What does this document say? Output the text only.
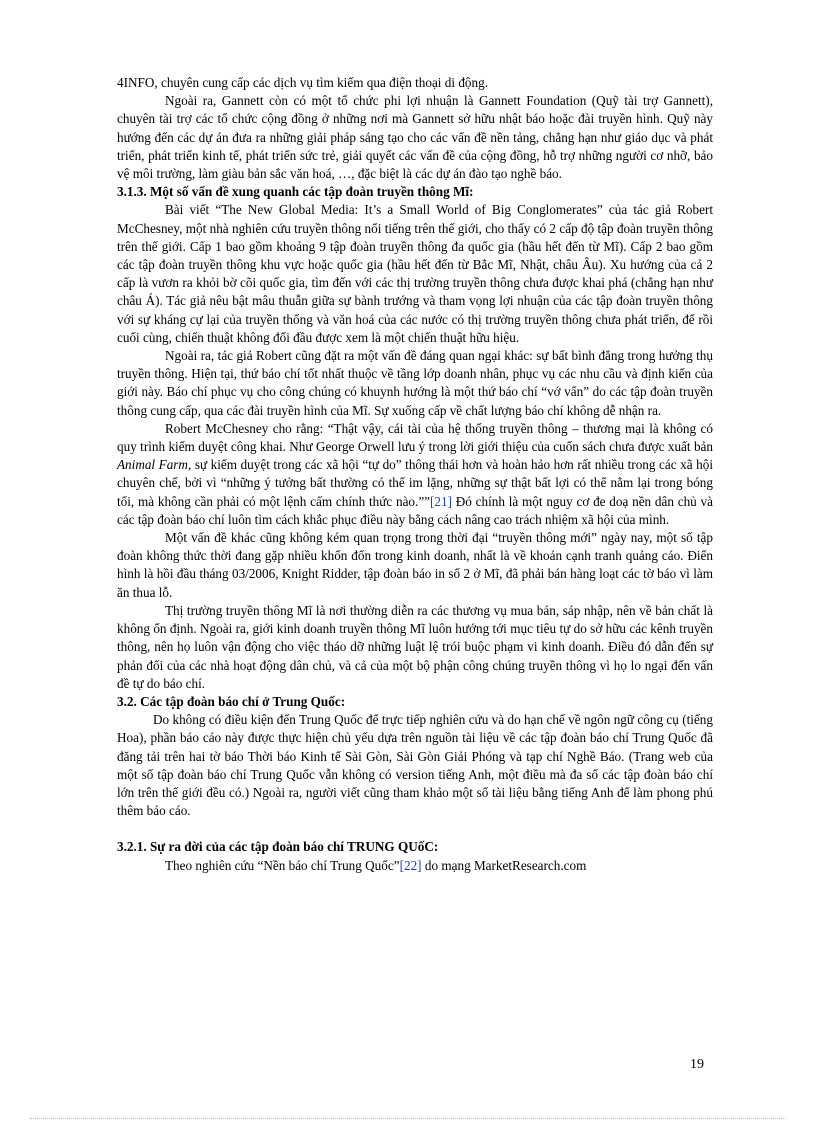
4INFO, chuyên cung cấp các dịch vụ tìm kiếm qua điện thoại di động.

Ngoài ra, Gannett còn có một tổ chức phi lợi nhuận là Gannett Foundation (Quỹ tài trợ Gannett), chuyên tài trợ các tổ chức cộng đồng ở những nơi mà Gannett sở hữu nhật báo hoặc đài truyền hình. Quỹ này hướng đến các dự án đưa ra những giải pháp sáng tạo cho các vấn đề nền tảng, chẳng hạn như giáo dục và phát triển, phát triển kinh tế, phát triển sức trẻ, giải quyết các vấn đề của cộng đồng, hỗ trợ những người cơ nhỡ, bảo vệ môi trường, làm giàu bản sắc văn hoá, …, đặc biệt là các dự án đào tạo nghề báo.

3.1.3. Một số vấn đề xung quanh các tập đoàn truyền thông Mĩ:

Bài viết “The New Global Media: It’s a Small World of Big Conglomerates” của tác giả Robert McChesney, một nhà nghiên cứu truyền thông nổi tiếng trên thế giới, cho thấy có 2 cấp độ tập đoàn truyền thông trên thế giới. Cấp 1 bao gồm khoảng 9 tập đoàn truyền thông đa quốc gia (hầu hết đến từ Mĩ). Cấp 2 bao gồm các tập đoàn truyền thông khu vực hoặc quốc gia (hầu hết đến từ Bắc Mĩ, Nhật, châu Âu). Xu hướng của cả 2 cấp là vươn ra khỏi bờ cõi quốc gia, tìm đến với các thị trường truyền thông chưa được khai phá (chẳng hạn như châu Á). Tác giả nêu bật mâu thuẫn giữa sự bành trướng và tham vọng lợi nhuận của các tập đoàn truyền thông với sự kháng cự lại của truyền thống và văn hoá của các nước có thị trường truyền thông chưa phát triển, để rồi cuối cùng, chiến thuật không đối đầu được xem là một chiến thuật hữu hiệu.

Ngoài ra, tác giả Robert cũng đặt ra một vấn đề đáng quan ngại khác: sự bất bình đẳng trong hưởng thụ truyền thông. Hiện tại, thứ báo chí tốt nhất thuộc về tầng lớp doanh nhân, phục vụ các nhu cầu và định kiến của giới này. Báo chí phục vụ cho công chúng có khuynh hướng là một thứ báo chí “vớ vẩn” do các tập đoàn truyền thông cung cấp, qua các đài truyền hình của Mĩ. Sự xuống cấp về chất lượng báo chí không dễ nhận ra.

Robert McChesney cho rằng: “Thật vậy, cái tài của hệ thống truyền thông – thương mại là không có quy trình kiểm duyệt công khai. Như George Orwell lưu ý trong lời giới thiệu của cuốn sách chưa được xuất bản Animal Farm, sự kiểm duyệt trong các xã hội “tự do” thông thái hơn và hoàn hảo hơn rất nhiều trong các xã hội chuyên chế, bởi vì “những ý tưởng bất thường có thể im lặng, những sự thật bất lợi có thể nằm lại trong bóng tối, mà không cần phải có một lệnh cấm chính thức nào.””[21] Đó chính là một nguy cơ đe doạ nền dân chủ và các tập đoàn báo chí luôn tìm cách khắc phục điều này bằng cách nâng cao trách nhiệm xã hội của mình.

Một vấn đề khác cũng không kém quan trọng trong thời đại “truyền thông mới” ngày nay, một số tập đoàn không thức thời đang gặp nhiều khốn đốn trong kinh doanh, nhất là về khoản cạnh tranh quảng cáo. Điển hình là hồi đầu tháng 03/2006, Knight Ridder, tập đoàn báo in số 2 ở Mĩ, đã phải bán hàng loạt các tờ báo vì làm ăn thua lỗ.

Thị trường truyền thông Mĩ là nơi thường diễn ra các thương vụ mua bán, sáp nhập, nên về bản chất là không ổn định. Ngoài ra, giới kinh doanh truyền thông Mĩ luôn hướng tới mục tiêu tự do sở hữu các kênh truyền thông, nên họ luôn vận động cho việc tháo dỡ những luật lệ trói buộc phạm vi kinh doanh. Điều đó dẫn đến sự phản đối của các nhà hoạt động dân chủ, và cả của một bộ phận công chúng truyền thông vì họ lo ngại đến vấn đề tự do báo chí.

3.2. Các tập đoàn báo chí ở Trung Quốc:

Do không có điều kiện đến Trung Quốc để trực tiếp nghiên cứu và do hạn chế về ngôn ngữ công cụ (tiếng Hoa), phần báo cáo này được thực hiện chủ yếu dựa trên nguồn tài liệu về các tập đoàn báo chí Trung Quốc đã đăng tải trên hai tờ báo Thời báo Kinh tế Sài Gòn, Sài Gòn Giải Phóng và tạp chí Nghề Báo. (Trang web của một số tập đoàn báo chí Trung Quốc vẫn không có version tiếng Anh, một điều mà đa số các tập đoàn báo chí lớn trên thế giới đều có.) Ngoài ra, người viết cũng tham khảo một số tài liệu bằng tiếng Anh để làm phong phú thêm báo cáo.

3.2.1. Sự ra đời của các tập đoàn báo chí TRUNG QUốC:

Theo nghiên cứu “Nền báo chí Trung Quốc”[22] do mạng MarketResearch.com

19
